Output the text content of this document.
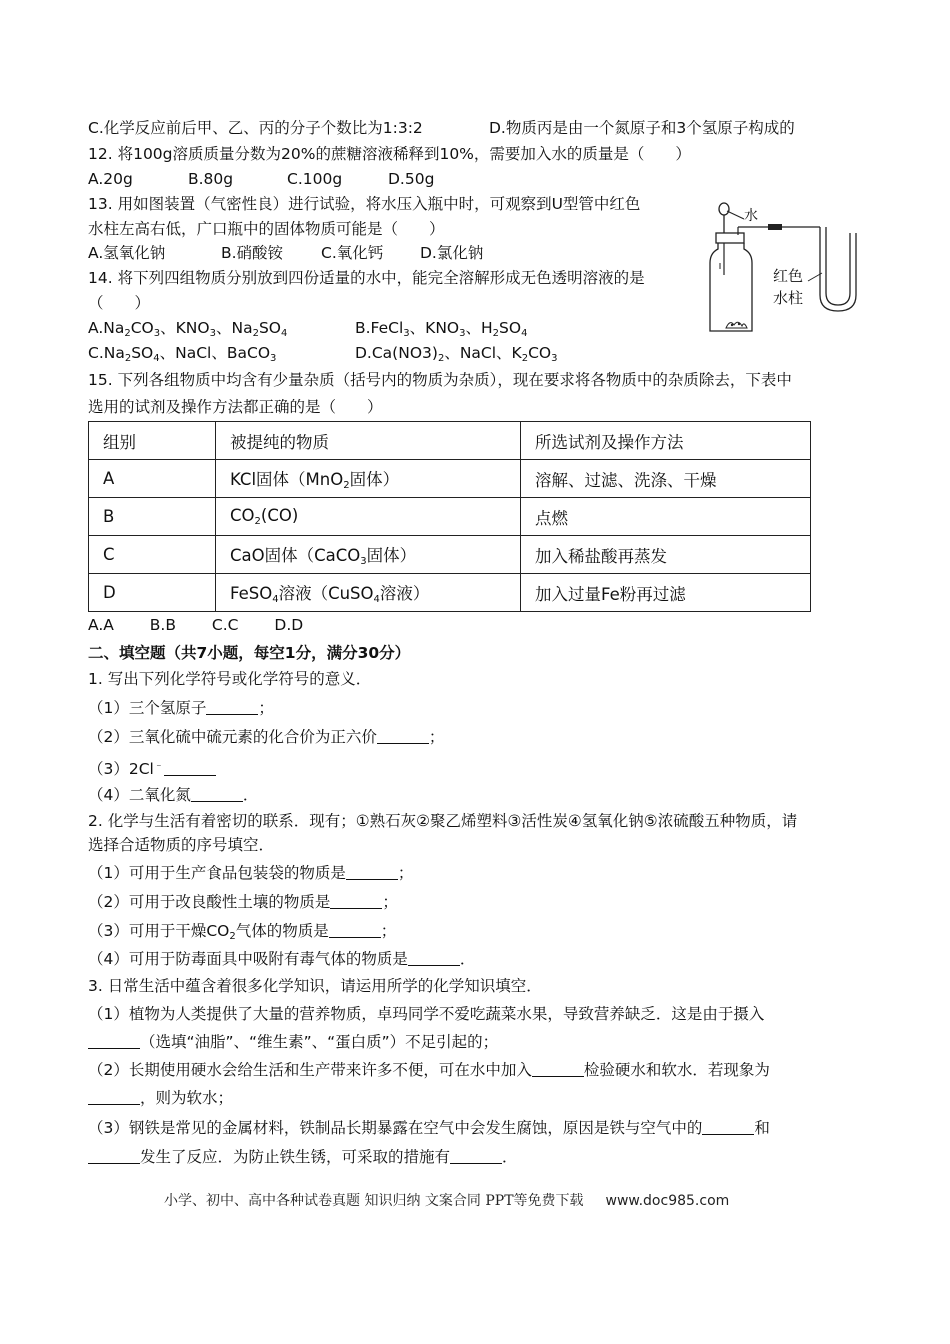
C.化学反应前后甲、乙、丙的分子个数比为1:3:2	D.物质丙是由一个氮原子和3个氢原子构成的
12. 将100g溶质质量分数为20%的蔗糖溶液稀释到10%，需要加入水的质量是（　　）
A.20g	B.80g	C.100g	D.50g
13. 用如图装置（气密性良）进行试验，将水压入瓶中时，可观察到U型管中红色
水柱左高右低，广口瓶中的固体物质可能是（　　）
A.氢氧化钠	B.硝酸铵 C.氧化钙 D.氯化钠
水
红色
水柱
14. 将下列四组物质分别放到四份适量的水中，能完全溶解形成无色透明溶液的是
（　　）
$A.Na_2CO_3$、$KNO_3$、$Na_2SO_4$	B.FeCl$_3$、$KNO_3$、$H_2SO_4$
$C.Na_2SO_4$、NaCl、BaCO$_3$	$D.Ca(NO3)_2$、NaCl、$K_2CO_3$
15. 下列各组物质中均含有少量杂质（括号内的物质为杂质），现在要求将各物质中的杂质除去，下表中
选用的试剂及操作方法都正确的是（　　）
组别	被提纯的物质	所选试剂及操作方法
A	KCl固体（MnO$_2$固体）	溶解、过滤、洗涤、干燥
B	$CO_2(CO)$	点燃
C	CaO固体（CaCO$_3$固体）	加入稀盐酸再蒸发
D	FeSO$_4$溶液（CuSO$_4$溶液）	加入过量Fe粉再过滤
A.A　　 B.B　　 C.C　　 D.D
二、填空题（共7小题，每空1分，满分30分）
1. 写出下列化学符号或化学符号的意义．
（1）三个氢原子	；
（2）三氧化硫中硫元素的化合价为正六价	；
（3）2Cl﹣
（4）二氧化氮	．
2. 化学与生活有着密切的联系．现有；①熟石灰②聚乙烯塑料③活性炭④氢氧化钠⑤浓硫酸五种物质，请
选择合适物质的序号填空．
（1）可用于生产食品包装袋的物质是	；
（2）可用于改良酸性土壤的物质是	；
（3）可用于干燥$CO_2$气体的物质是	；
（4）可用于防毒面具中吸附有毒气体的物质是	．
3. 日常生活中蕴含着很多化学知识，请运用所学的化学知识填空．
（1）植物为人类提供了大量的营养物质，卓玛同学不爱吃蔬菜水果，导致营养缺乏．这是由于摄入
（选填“油脂”、“维生素”、“蛋白质”）不足引起的；
（2）长期使用硬水会给生活和生产带来许多不便，可在水中加入	检验硬水和软水．若现象为
，则为软水；
（3）钢铁是常见的金属材料，铁制品长期暴露在空气中会发生腐蚀，原因是铁与空气中的	和
发生了反应．为防止铁生锈，可采取的措施有	．
小学、初中、高中各种试卷真题 知识归纳 文案合同 PPT等免费下载 www.doc985.com
